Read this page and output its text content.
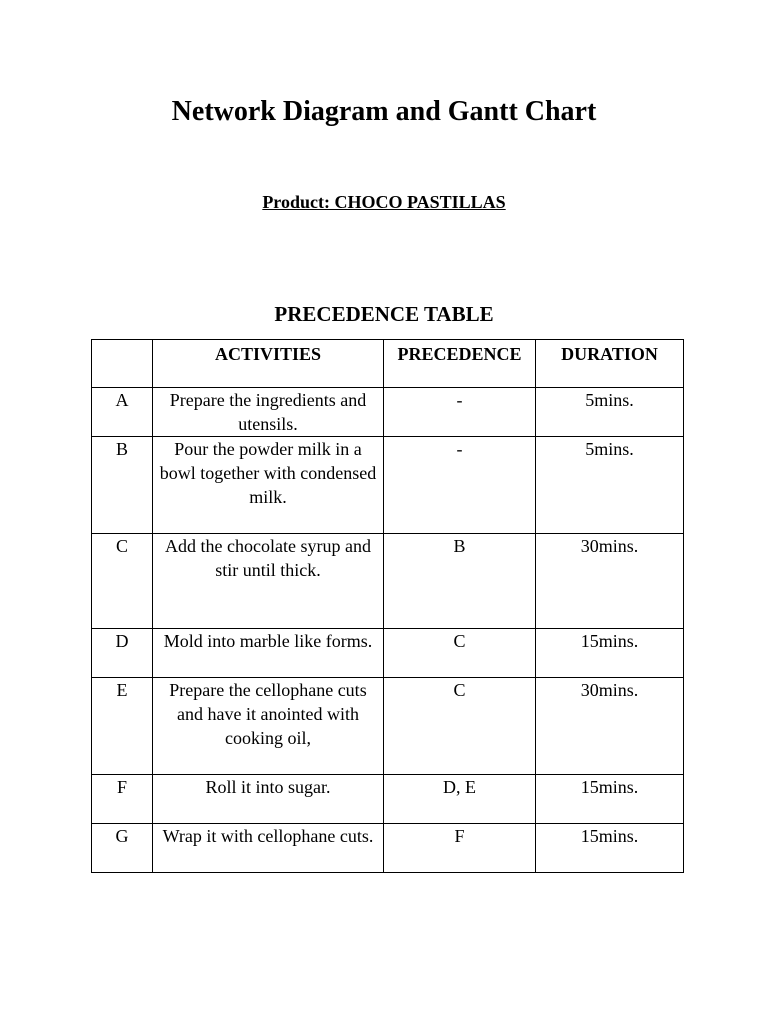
Network Diagram and Gantt Chart
Product: CHOCO PASTILLAS
PRECEDENCE TABLE
	ACTIVITIES	PRECEDENCE	DURATION
A	Prepare the ingredients and utensils.	-	5mins.
B	Pour the powder milk in a bowl together with condensed milk.	-	5mins.
C	Add the chocolate syrup and stir until thick.	B	30mins.
D	Mold into marble like forms.	C	15mins.
E	Prepare the cellophane cuts and have it anointed with cooking oil,	C	30mins.
F	Roll it into sugar.	D, E	15mins.
G	Wrap it with cellophane cuts.	F	15mins.
